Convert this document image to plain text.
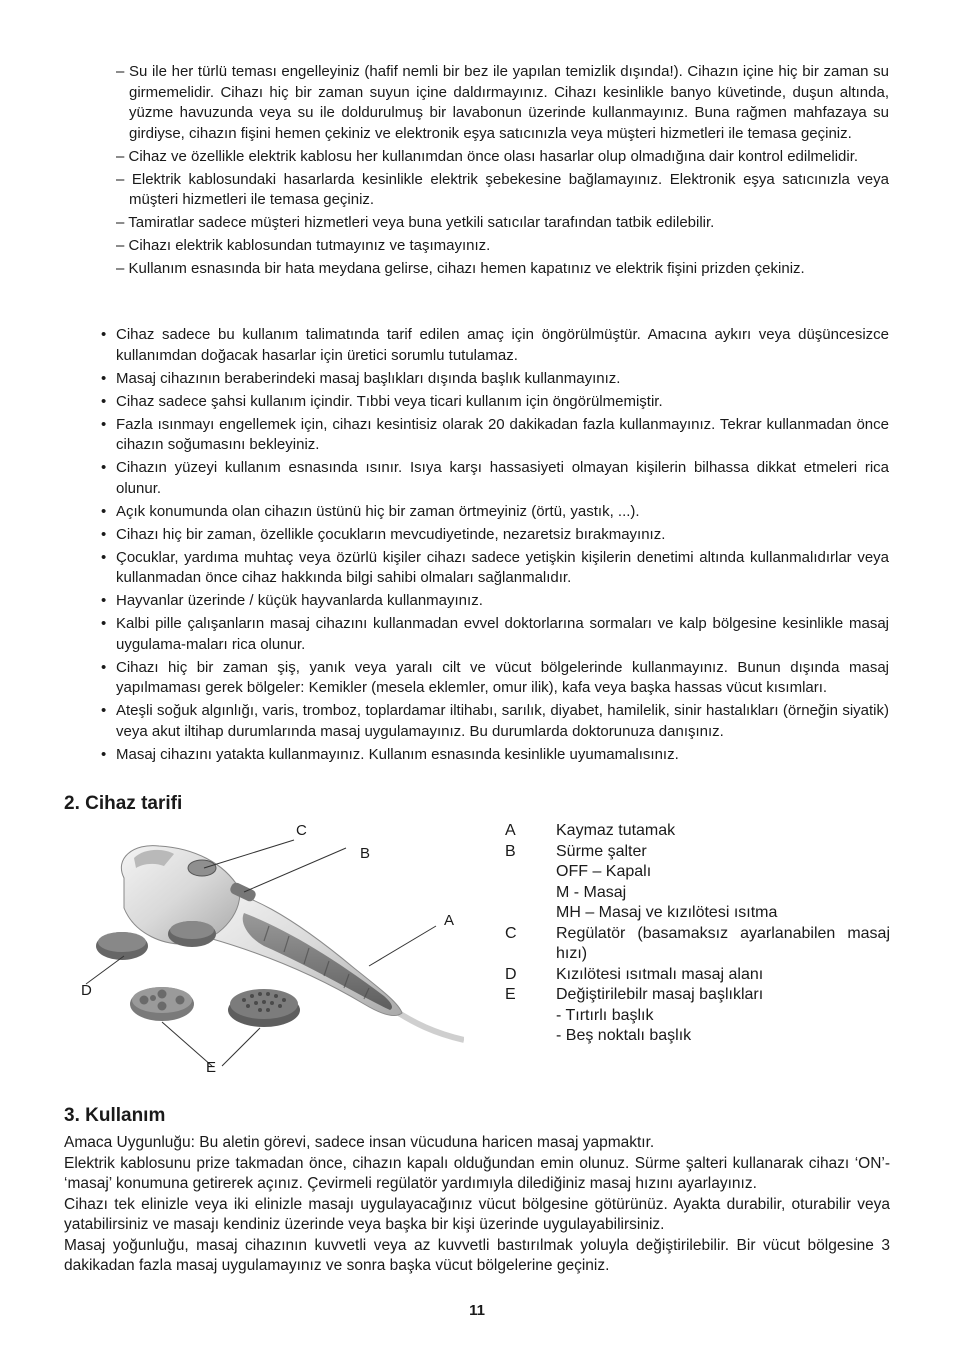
– Su ile her türlü teması engelleyiniz (hafif nemli bir bez ile yapılan temizlik dışında!). Cihazın içine hiç bir zaman su girmemelidir. Cihazı hiç bir zaman suyun içine daldırmayınız. Cihazı kesinlikle banyo küvetinde, duşun altında, yüzme havuzunda veya su ile doldurulmuş bir lavabonun üzerinde kullanmayınız. Buna rağmen mahfazaya su girdiyse, cihazın fişini hemen çekiniz ve elektronik eşya satıcınızla veya müşteri hizmetleri ile temasa geçiniz.
– Cihaz ve özellikle elektrik kablosu her kullanımdan önce olası hasarlar olup olmadığına dair kontrol edilmelidir.
– Elektrik kablosundaki hasarlarda kesinlikle elektrik şebekesine bağlamayınız. Elektronik eşya satıcınızla veya müşteri hizmetleri ile temasa geçiniz.
– Tamiratlar sadece müşteri hizmetleri veya buna yetkili satıcılar tarafından tatbik edilebilir.
– Cihazı elektrik kablosundan tutmayınız ve taşımayınız.
– Kullanım esnasında bir hata meydana gelirse, cihazı hemen kapatınız ve elektrik fişini prizden çekiniz.
• Cihaz sadece bu kullanım talimatında tarif edilen amaç için öngörülmüştür. Amacına aykırı veya düşüncesizce kullanımdan doğacak hasarlar için üretici sorumlu tutulamaz.
• Masaj cihazının beraberindeki masaj başlıkları dışında başlık kullanmayınız.
• Cihaz sadece şahsi kullanım içindir. Tıbbi veya ticari kullanım için öngörülmemiştir.
• Fazla ısınmayı engellemek için, cihazı kesintisiz olarak 20 dakikadan fazla kullanmayınız. Tekrar kullanmadan önce cihazın soğumasını bekleyiniz.
• Cihazın yüzeyi kullanım esnasında ısınır. Isıya karşı hassasiyeti olmayan kişilerin bilhassa dikkat etmeleri rica olunur.
• Açık konumunda olan cihazın üstünü hiç bir zaman örtmeyiniz (örtü, yastık, ...).
• Cihazı hiç bir zaman, özellikle çocukların mevcudiyetinde, nezaretsiz bırakmayınız.
• Çocuklar, yardıma muhtaç veya özürlü kişiler cihazı sadece yetişkin kişilerin denetimi altında kullanmalıdırlar veya kullanmadan önce cihaz hakkında bilgi sahibi olmaları sağlanmalıdır.
• Hayvanlar üzerinde / küçük hayvanlarda kullanmayınız.
• Kalbi pille çalışanların masaj cihazını kullanmadan evvel doktorlarına sormaları ve kalp bölgesine kesinlikle masaj uygulama-maları rica olunur.
• Cihazı hiç bir zaman şiş, yanık veya yaralı cilt ve vücut bölgelerinde kullanmayınız. Bunun dışında masaj yapılmaması gerek bölgeler: Kemikler (mesela eklemler, omur ilik), kafa veya başka hassas vücut kısımları.
• Ateşli soğuk algınlığı, varis, tromboz, toplardamar iltihabı, sarılık, diyabet, hamilelik, sinir hastalıkları (örneğin siyatik) veya akut iltihap durumlarında masaj uygulamayınız. Bu durumlarda doktorunuza danışınız.
• Masaj cihazını yatakta kullanmayınız. Kullanım esnasında kesinlikle uyumamalısınız.
2. Cihaz tarifi
C
B
A
D
E
A	Kaymaz tutamak
B	Sürme şalter
OFF – Kapalı
M - Masaj
MH – Masaj ve kızılötesi ısıtma
C	Regülatör (basamaksız ayarlanabilen masaj hızı)
D	Kızılötesi ısıtmalı masaj alanı
E	Değiştirilebilr masaj başlıkları
- Tırtırlı başlık
- Beş noktalı başlık
3. Kullanım

Amaca Uygunluğu: Bu aletin görevi, sadece insan vücuduna haricen masaj yapmaktır.

Elektrik kablosunu prize takmadan önce, cihazın kapalı olduğundan emin olunuz. Sürme şalteri kullanarak cihazı ‘ON’- ‘masaj’ konumuna getirerek açınız. Çevirmeli regülatör yardımıyla dilediğiniz masaj hızını ayarlayınız.

Cihazı tek elinizle veya iki elinizle masajı uygulayacağınız vücut bölgesine götürünüz. Ayakta durabilir, oturabilir veya yatabilirsiniz ve masajı kendiniz üzerinde veya başka bir kişi üzerinde uygulayabilirsiniz.

Masaj yoğunluğu, masaj cihazının kuvvetli veya az kuvvetli bastırılmak yoluyla değiştirilebilir. Bir vücut bölgesine 3 dakikadan fazla masaj uygulamayınız ve sonra başka vücut bölgelerine geçiniz.

11
